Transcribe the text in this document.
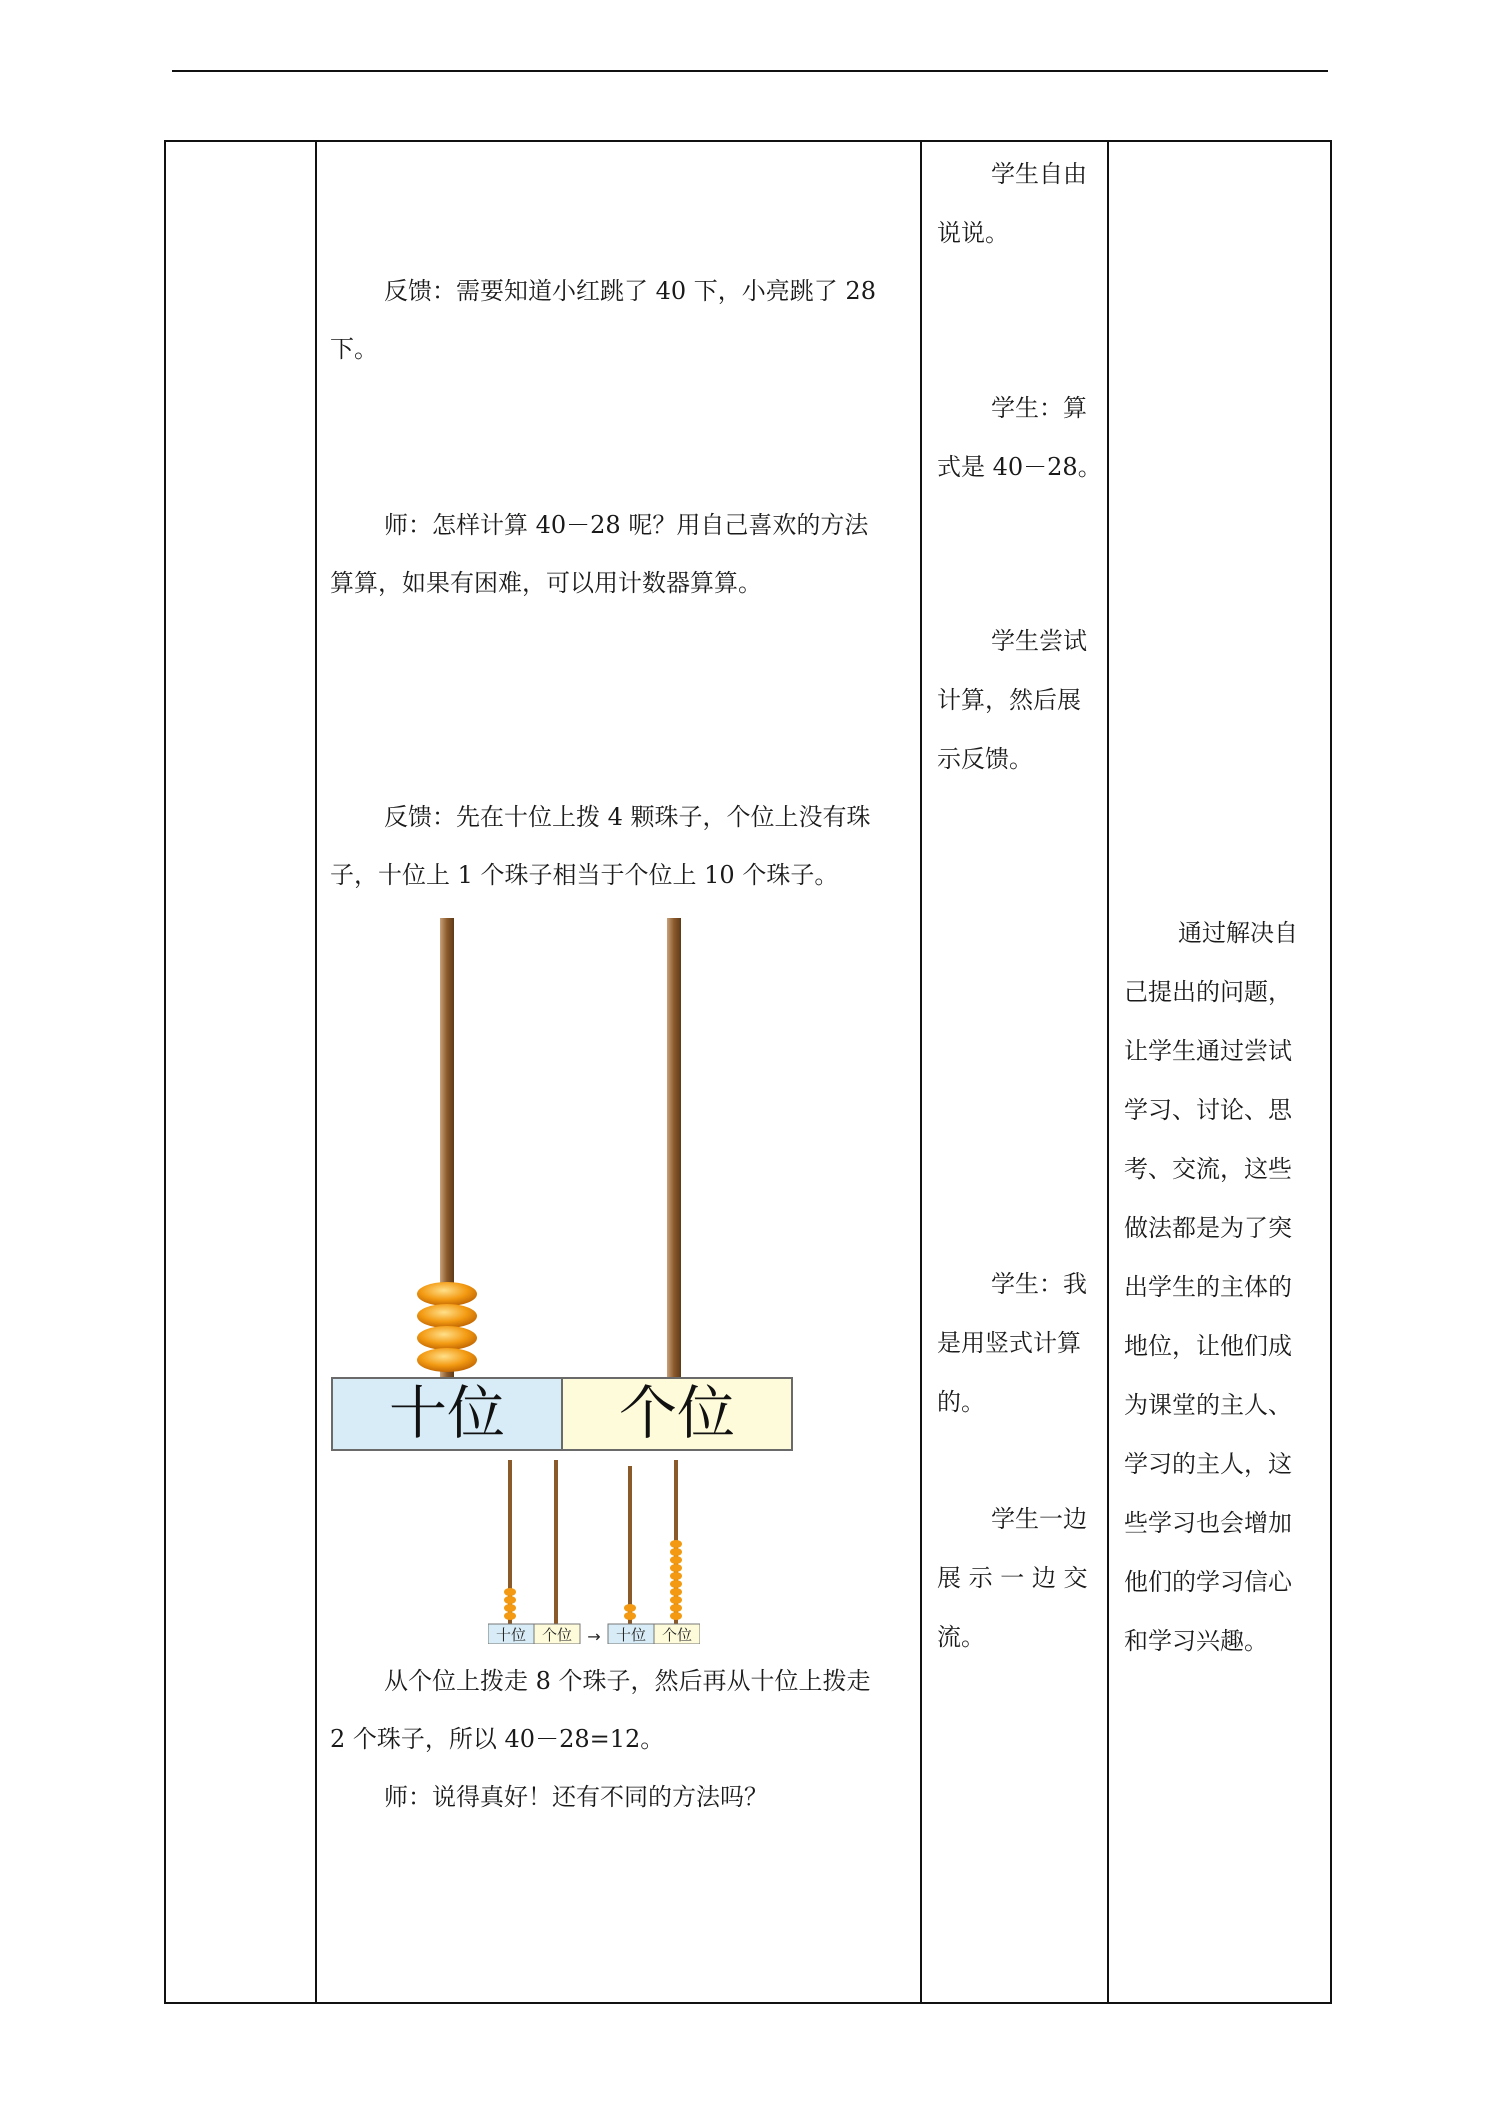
反馈：需要知道小红跳了 40 下，小亮跳了 28
下。
师：怎样计算 40－28 呢？用自己喜欢的方法
算算，如果有困难，可以用计数器算算。
反馈：先在十位上拨 4 颗珠子，个位上没有珠
子，十位上 1 个珠子相当于个位上 10 个珠子。
十位 个位
十位 个位 → 十位 个位
从个位上拨走 8 个珠子，然后再从十位上拨走
2 个珠子，所以 40－28=12。
师：说得真好！还有不同的方法吗？
学生自由
说说。
学生：算
式是 40－28。
学生尝试
计算，然后展
示反馈。
学生：我
是用竖式计算
的。
学生一边
展 示 一 边 交
流。
通过解决自
己提出的问题，
让学生通过尝试
学习、讨论、思
考、交流，这些
做法都是为了突
出学生的主体的
地位，让他们成
为课堂的主人、
学习的主人，这
些学习也会增加
他们的学习信心
和学习兴趣。
